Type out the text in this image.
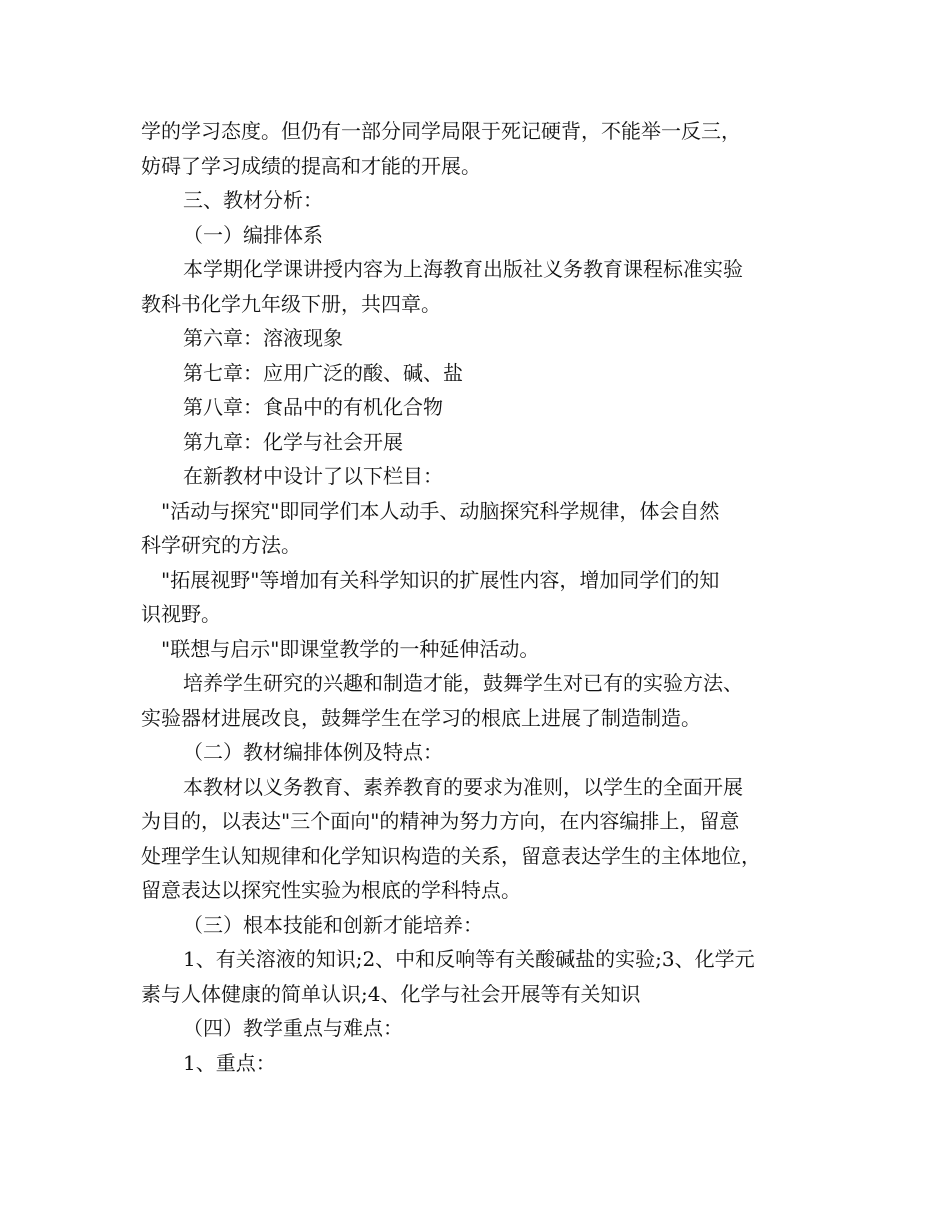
学的学习态度。但仍有一部分同学局限于死记硬背，不能举一反三，

妨碍了学习成绩的提高和才能的开展。

三、教材分析：

（一）编排体系

本学期化学课讲授内容为上海教育出版社义务教育课程标准实验

教科书化学九年级下册，共四章。

第六章：溶液现象

第七章：应用广泛的酸、碱、盐

第八章：食品中的有机化合物

第九章：化学与社会开展

在新教材中设计了以下栏目：

"活动与探究"即同学们本人动手、动脑探究科学规律，体会自然

科学研究的方法。

"拓展视野"等增加有关科学知识的扩展性内容，增加同学们的知

识视野。

"联想与启示"即课堂教学的一种延伸活动。

培养学生研究的兴趣和制造才能，鼓舞学生对已有的实验方法、

实验器材进展改良，鼓舞学生在学习的根底上进展了制造制造。

（二）教材编排体例及特点：

本教材以义务教育、素养教育的要求为准则，以学生的全面开展

为目的，以表达"三个面向"的精神为努力方向，在内容编排上，留意

处理学生认知规律和化学知识构造的关系，留意表达学生的主体地位，

留意表达以探究性实验为根底的学科特点。

（三）根本技能和创新才能培养：

1、有关溶液的知识;2、中和反响等有关酸碱盐的实验;3、化学元

素与人体健康的简单认识;4、化学与社会开展等有关知识

（四）教学重点与难点：

1、重点：
